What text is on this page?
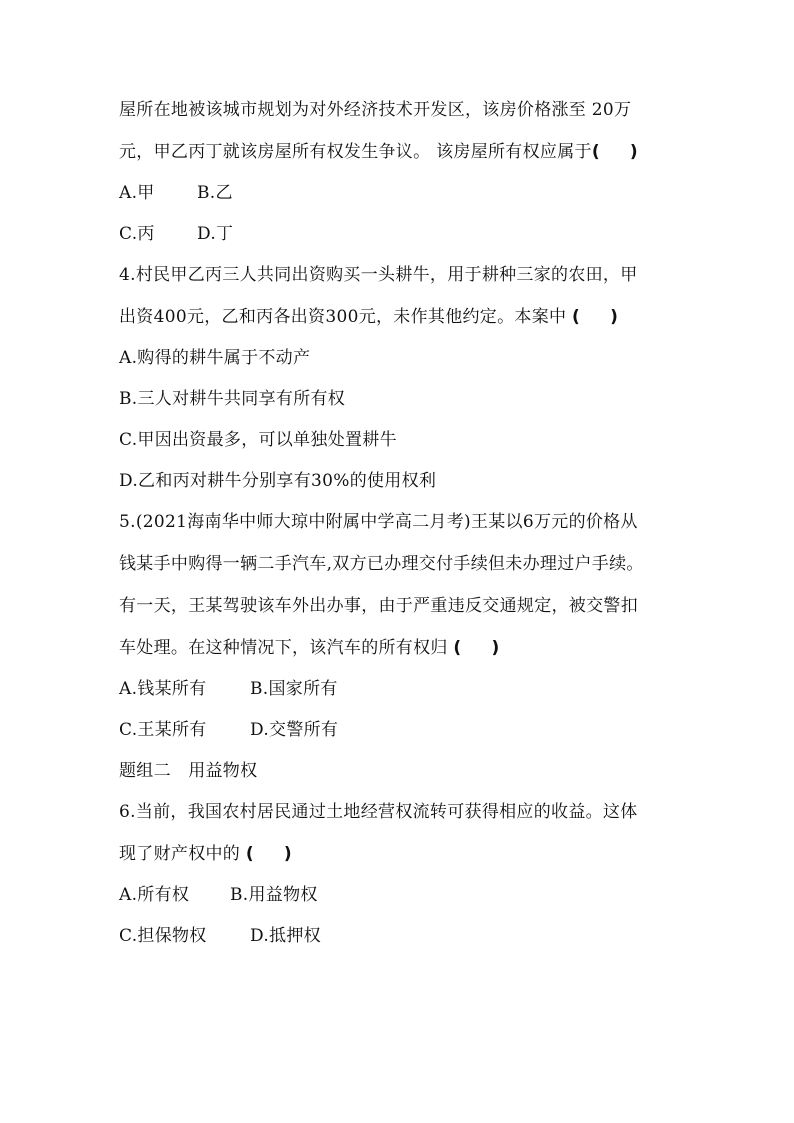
屋所在地被该城市规划为对外经济技术开发区，该房价格涨至 20万

元，甲乙丙丁就该房屋所有权发生争议。 该房屋所有权应属于( )

A.甲	B.乙
C.丙	D.丁

4.村民甲乙丙三人共同出资购买一头耕牛，用于耕种三家的农田，甲

出资400元，乙和丙各出资300元，未作其他约定。本案中 ( )

A.购得的耕牛属于不动产

B.三人对耕牛共同享有所有权

C.甲因出资最多，可以单独处置耕牛

D.乙和丙对耕牛分别享有30%的使用权利

5.(2021海南华中师大琼中附属中学高二月考)王某以6万元的价格从

钱某手中购得一辆二手汽车,双方已办理交付手续但未办理过户手续。

有一天，王某驾驶该车外出办事，由于严重违反交通规定，被交警扣

车处理。在这种情况下，该汽车的所有权归 ( )

A.钱某所有	B.国家所有
C.王某所有	D.交警所有

题组二　用益物权

6.当前，我国农村居民通过土地经营权流转可获得相应的收益。这体

现了财产权中的 ( )

A.所有权	B.用益物权
C.担保物权	D.抵押权
